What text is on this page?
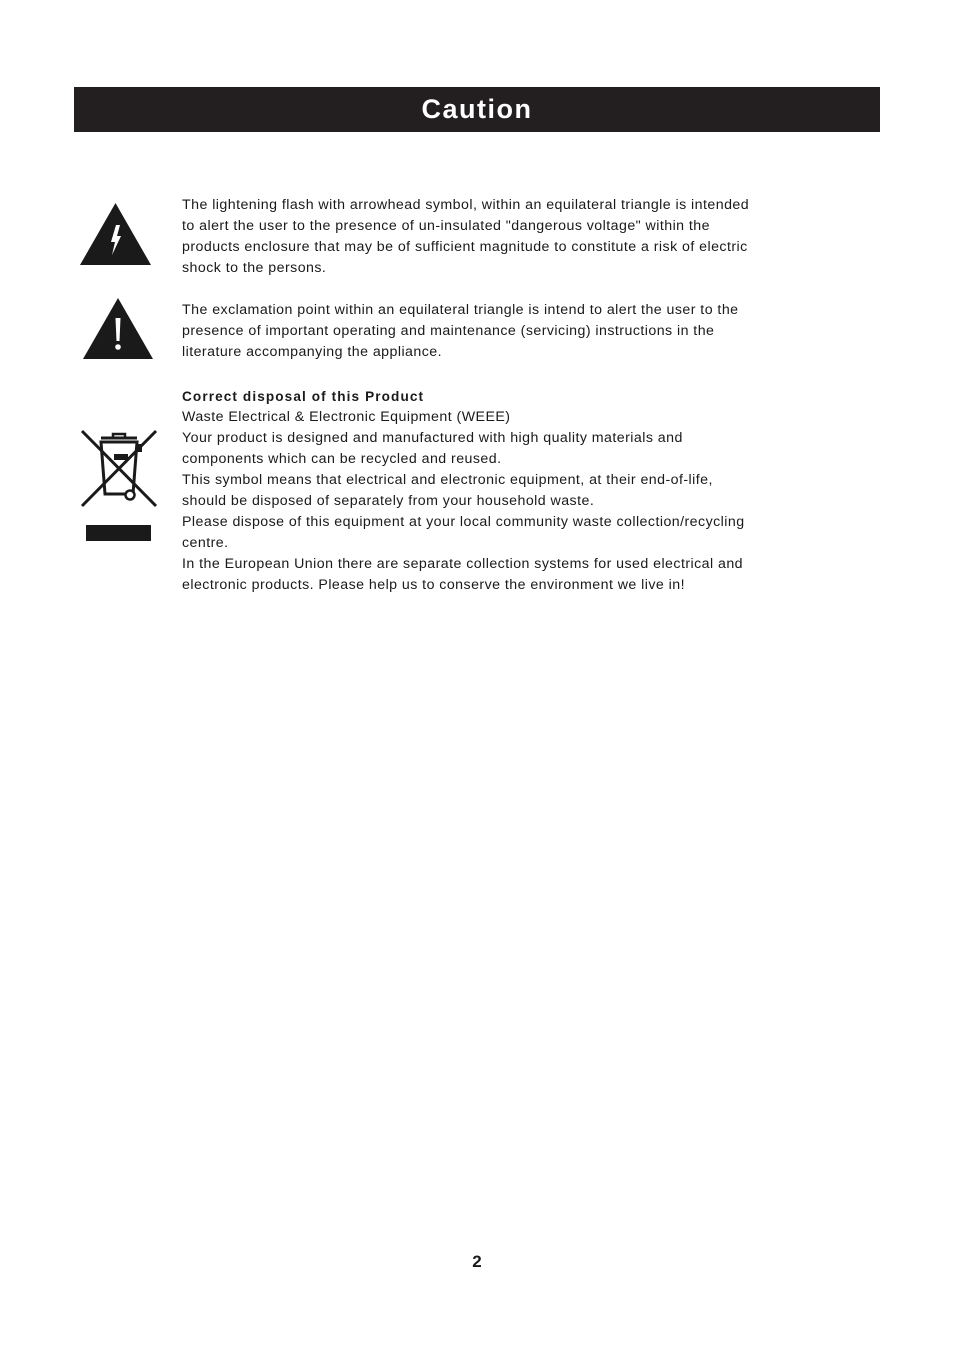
Caution

The lightening flash with arrowhead symbol, within an equilateral triangle is intended to alert the user to the presence of un-insulated "dangerous voltage" within the products enclosure that may be of sufficient magnitude to constitute a risk of electric shock to the persons.

The exclamation point within an equilateral triangle is intend to alert the user to the presence of important operating and maintenance (servicing) instructions in the literature accompanying the appliance.

Correct disposal of this Product

Waste Electrical & Electronic Equipment (WEEE)

Your product is designed and manufactured with high quality materials and components which can be recycled and reused.

This symbol means that electrical and electronic equipment, at their end-of-life, should be disposed of separately from your household waste.

Please dispose of this equipment at your local community waste collection/recycling centre.

In the European Union there are separate collection systems for used electrical and electronic products. Please help us to conserve the environment we live in!

2
